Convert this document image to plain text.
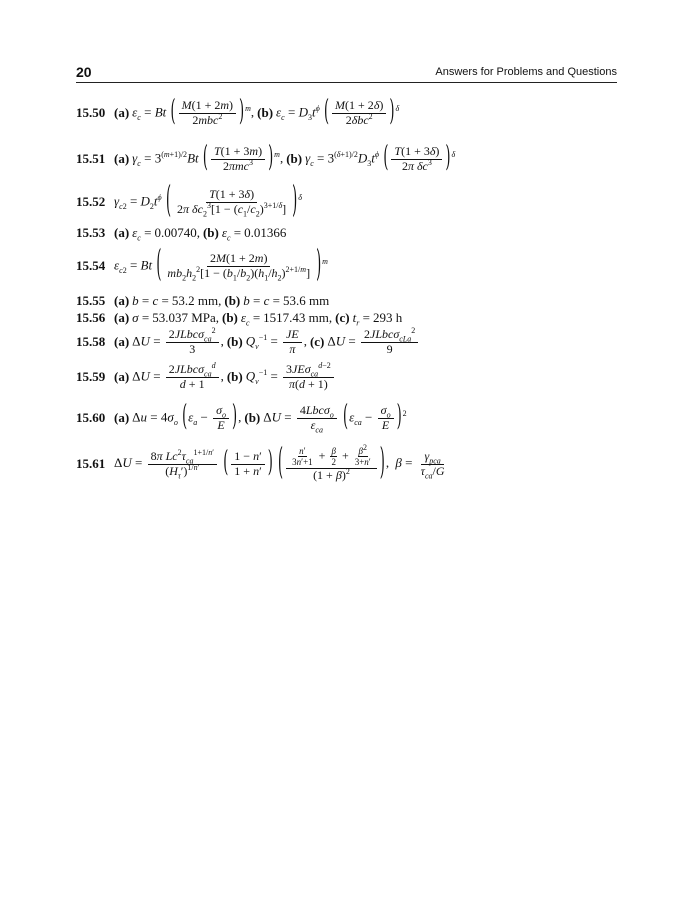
20	Answers for Problems and Questions
15.50 (a) $\varepsilon_c = Bt$ ( $\frac{M(1 + 2m)}{2mbc^2} )^m$, (b) $\varepsilon_c = D_3t^\phi$ ( $\frac{M(1 + 2\delta)}{2\delta bc^2} )^\delta$
15.51 (a) $\gamma_c = 3^{(m+1)/2}Bt$ ( $\frac{T(1 + 3m)}{2\pi mc^3} )^m$, (b) $\gamma_c = 3^{(\delta+1)/2}D_3t^\phi$ ( $\frac{T(1 + 3\delta)}{2\pi \delta c^3} )^\delta$
15.52 $\gamma_{c2} = D_2t^\phi$ ( $\frac{T(1 + 3\delta)}{2\pi \delta c_2^3[1 - (c_1/c_2)^{3+1/\delta}]} )^\delta$
15.53 (a) $\varepsilon_c = 0.00740$ , (b) $\varepsilon_c = 0.01366$
15.54 $\varepsilon_{c2} = Bt$ ( $\frac{2M(1 + 2m)}{mb_2h_2^2[1 - (b_1/b_2)(h_1/h_2)^{2+1/m}]} )^m$
15.55 (a) b = c = 53.2 mm , (b) b = c = 53.6 mm
15.56 (a) σ = 53.037 MPa , (b) $\varepsilon_c = 1517.43$ mm , (c) $t_r = 293$ h
15.58 (a) $\Delta U = \frac{2JLbc\sigma_{ca}^2}{3}$ , (b) $Q_v^{-1} = \frac{JE}{\pi}$ , (c) $\Delta U = \frac{2JLbc\sigma_{cLa}^2}{9}$
15.59 (a) $\Delta U = \frac{2JLbc\sigma_{ca}^d}{d + 1}$ , (b) $Q_v^{-1} = \frac{3JE\sigma_{ca}^{d-2}}{\pi(d + 1)}$
15.60 (a) $\Delta u = 4\sigma_o$ ($\varepsilon_a - \frac{\sigma_o}{E}$ ), (b) $\Delta U = \frac{4Lbc\sigma_o}{\varepsilon_{ca}} (\varepsilon_{ca} - \frac{\sigma_o}{E} )^2$
15.61 $\Delta U = \frac{8\pi Lc^2\tau_{ca}^{1+1/n'}}{(H_\tau')^{1/n'}}$ ( $\frac{1 - n'}{1 + n'}$ ) ( $\frac{\frac{n'}{3n'+1} + \frac{\beta}{2} + \frac{\beta^2}{3+n'}}{(1 + \beta)^2}$ ), $\beta = \frac{\gamma_{pca}}{\tau_{ca}/G}$
